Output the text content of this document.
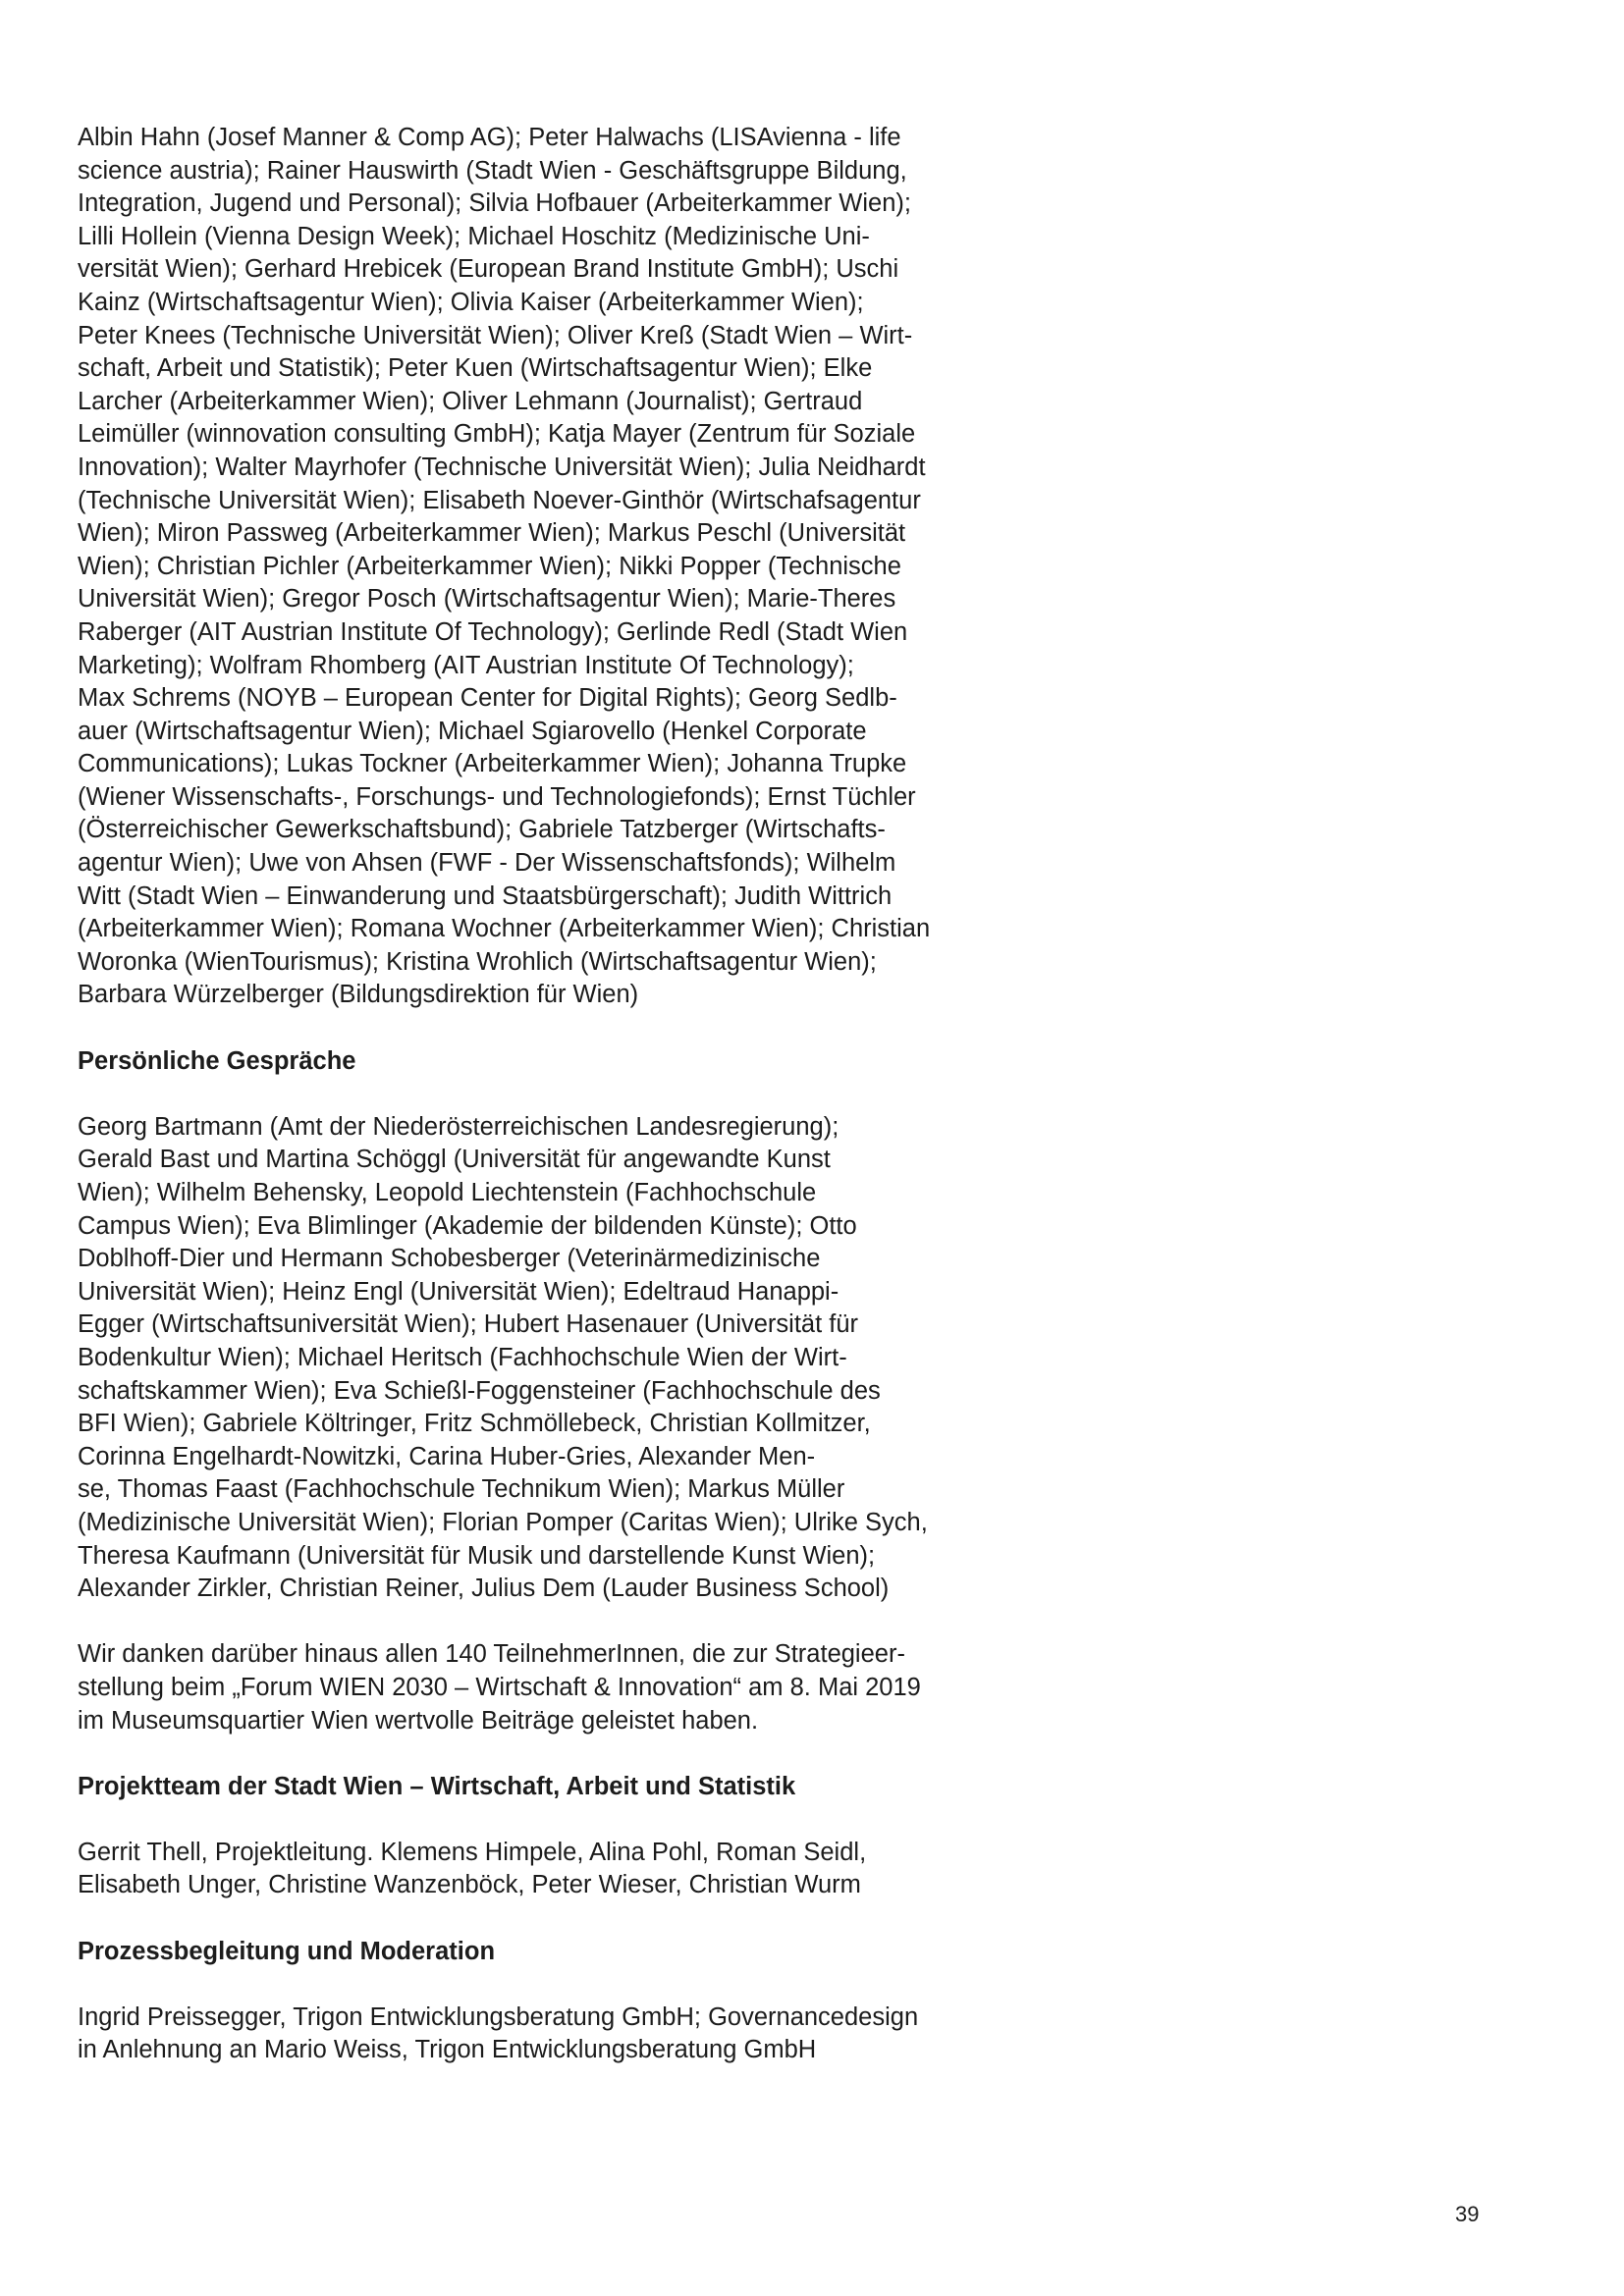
Albin Hahn (Josef Manner & Comp AG); Peter Halwachs (LISAvienna - life
science austria); Rainer Hauswirth (Stadt Wien - Geschäftsgruppe Bildung,
Integration, Jugend und Personal); Silvia Hofbauer (Arbeiterkammer Wien);
Lilli Hollein (Vienna Design Week); Michael Hoschitz (Medizinische Uni-
versität Wien); Gerhard Hrebicek (European Brand Institute GmbH); Uschi
Kainz (Wirtschaftsagentur Wien); Olivia Kaiser (Arbeiterkammer Wien);
Peter Knees (Technische Universität Wien); Oliver Kreß (Stadt Wien – Wirt-
schaft, Arbeit und Statistik); Peter Kuen (Wirtschaftsagentur Wien); Elke
Larcher (Arbeiterkammer Wien); Oliver Lehmann (Journalist); Gertraud
Leimüller (winnovation consulting GmbH); Katja Mayer (Zentrum für Soziale
Innovation); Walter Mayrhofer (Technische Universität Wien); Julia Neidhardt
(Technische Universität Wien); Elisabeth Noever-Ginthör (Wirtschafsagentur
Wien); Miron Passweg (Arbeiterkammer Wien); Markus Peschl (Universität
Wien); Christian Pichler (Arbeiterkammer Wien); Nikki Popper (Technische
Universität Wien); Gregor Posch (Wirtschaftsagentur Wien); Marie-Theres
Raberger (AIT Austrian Institute Of Technology); Gerlinde Redl (Stadt Wien
Marketing); Wolfram Rhomberg (AIT Austrian Institute Of Technology);
Max Schrems (NOYB – European Center for Digital Rights); Georg Sedlb-
auer (Wirtschaftsagentur Wien); Michael Sgiarovello (Henkel Corporate
Communications); Lukas Tockner (Arbeiterkammer Wien); Johanna Trupke
(Wiener Wissenschafts-, Forschungs- und Technologiefonds); Ernst Tüchler
(Österreichischer Gewerkschaftsbund); Gabriele Tatzberger (Wirtschafts-
agentur Wien); Uwe von Ahsen (FWF - Der Wissenschaftsfonds); Wilhelm
Witt (Stadt Wien – Einwanderung und Staatsbürgerschaft); Judith Wittrich
(Arbeiterkammer Wien); Romana Wochner (Arbeiterkammer Wien); Christian
Woronka (WienTourismus); Kristina Wrohlich (Wirtschaftsagentur Wien);
Barbara Würzelberger (Bildungsdirektion für Wien)
Persönliche Gespräche
Georg Bartmann (Amt der Niederösterreichischen Landesregierung);
Gerald Bast und Martina Schöggl (Universität für angewandte Kunst
Wien); Wilhelm Behensky, Leopold Liechtenstein (Fachhochschule
Campus Wien); Eva Blimlinger (Akademie der bildenden Künste); Otto
Doblhoff-Dier und Hermann Schobesberger (Veterinärmedizinische
Universität Wien); Heinz Engl (Universität Wien); Edeltraud Hanappi-
Egger (Wirtschaftsuniversität Wien); Hubert Hasenauer (Universität für
Bodenkultur Wien); Michael Heritsch (Fachhochschule Wien der Wirt-
schaftskammer Wien); Eva Schießl-Foggensteiner (Fachhochschule des
BFI Wien); Gabriele Költringer, Fritz Schmöllebeck, Christian Kollmitzer,
Corinna Engelhardt-Nowitzki, Carina Huber-Gries, Alexander Men-
se, Thomas Faast (Fachhochschule Technikum Wien); Markus Müller
(Medizinische Universität Wien); Florian Pomper (Caritas Wien); Ulrike Sych,
Theresa Kaufmann (Universität für Musik und darstellende Kunst Wien);
Alexander Zirkler, Christian Reiner, Julius Dem (Lauder Business School)
Wir danken darüber hinaus allen 140 TeilnehmerInnen, die zur Strategieer-
stellung beim „Forum WIEN 2030 – Wirtschaft & Innovation“ am 8. Mai 2019
im Museumsquartier Wien wertvolle Beiträge geleistet haben.
Projektteam der Stadt Wien – Wirtschaft, Arbeit und Statistik
Gerrit Thell, Projektleitung. Klemens Himpele, Alina Pohl, Roman Seidl,
Elisabeth Unger, Christine Wanzenböck, Peter Wieser, Christian Wurm
Prozessbegleitung und Moderation
Ingrid Preissegger, Trigon Entwicklungsberatung GmbH; Governancedesign
in Anlehnung an Mario Weiss, Trigon Entwicklungsberatung GmbH
39
